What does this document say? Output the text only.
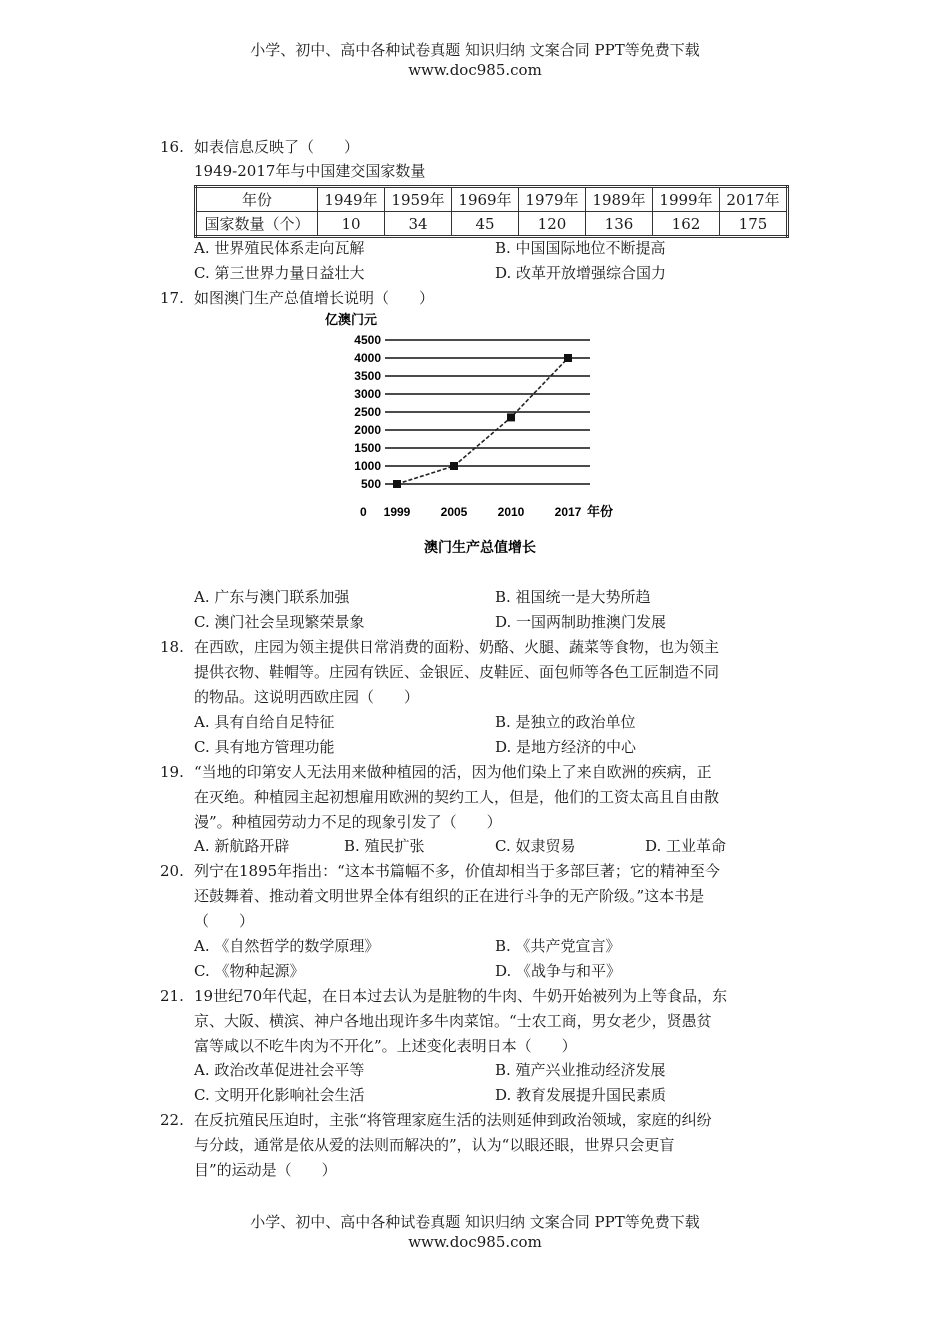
小学、初中、高中各种试卷真题 知识归纳 文案合同 PPT等免费下载
www.doc985.com
16. 如表信息反映了（　　）
1949-2017年与中国建交国家数量
年份	1949年	1959年	1969年	1979年	1989年	1999年	2017年
国家数量（个）	10	34	45	120	136	162	175
A. 世界殖民体系走向瓦解	B. 中国国际地位不断提高
C. 第三世界力量日益壮大	D. 改革开放增强综合国力
17. 如图澳门生产总值增长说明（　　）
亿澳门元
500
1000
1500
2000
2500
3000
3500
4000
4500
1999	2005	2010	2017
0	年份
澳门生产总值增长
A. 广东与澳门联系加强	B. 祖国统一是大势所趋
C. 澳门社会呈现繁荣景象	D. 一国两制助推澳门发展
18. 在西欧，庄园为领主提供日常消费的面粉、奶酪、火腿、蔬菜等食物，也为领主
提供衣物、鞋帽等。庄园有铁匠、金银匠、皮鞋匠、面包师等各色工匠制造不同
的物品。这说明西欧庄园（　　）
A. 具有自给自足特征	B. 是独立的政治单位
C. 具有地方管理功能	D. 是地方经济的中心
19. “当地的印第安人无法用来做种植园的活，因为他们染上了来自欧洲的疾病，正
在灭绝。种植园主起初想雇用欧洲的契约工人，但是，他们的工资太高且自由散
漫”。种植园劳动力不足的现象引发了（　　）
A. 新航路开辟	B. 殖民扩张	C. 奴隶贸易	D. 工业革命
20. 列宁在1895年指出：“这本书篇幅不多，价值却相当于多部巨著；它的精神至今
还鼓舞着、推动着文明世界全体有组织的正在进行斗争的无产阶级。”这本书是
（　　）
A. 《自然哲学的数学原理》	B. 《共产党宣言》
C. 《物种起源》	D. 《战争与和平》
21. 19世纪70年代起，在日本过去认为是脏物的牛肉、牛奶开始被列为上等食品，东
京、大阪、横滨、神户各地出现许多牛肉菜馆。“士农工商，男女老少，贤愚贫
富等咸以不吃牛肉为不开化”。上述变化表明日本（　　）
A. 政治改革促进社会平等	B. 殖产兴业推动经济发展
C. 文明开化影响社会生活	D. 教育发展提升国民素质
22. 在反抗殖民压迫时，主张“将管理家庭生活的法则延伸到政治领域，家庭的纠纷
与分歧，通常是依从爱的法则而解决的”，认为“以眼还眼，世界只会更盲
目”的运动是（　　）
小学、初中、高中各种试卷真题 知识归纳 文案合同 PPT等免费下载
www.doc985.com
